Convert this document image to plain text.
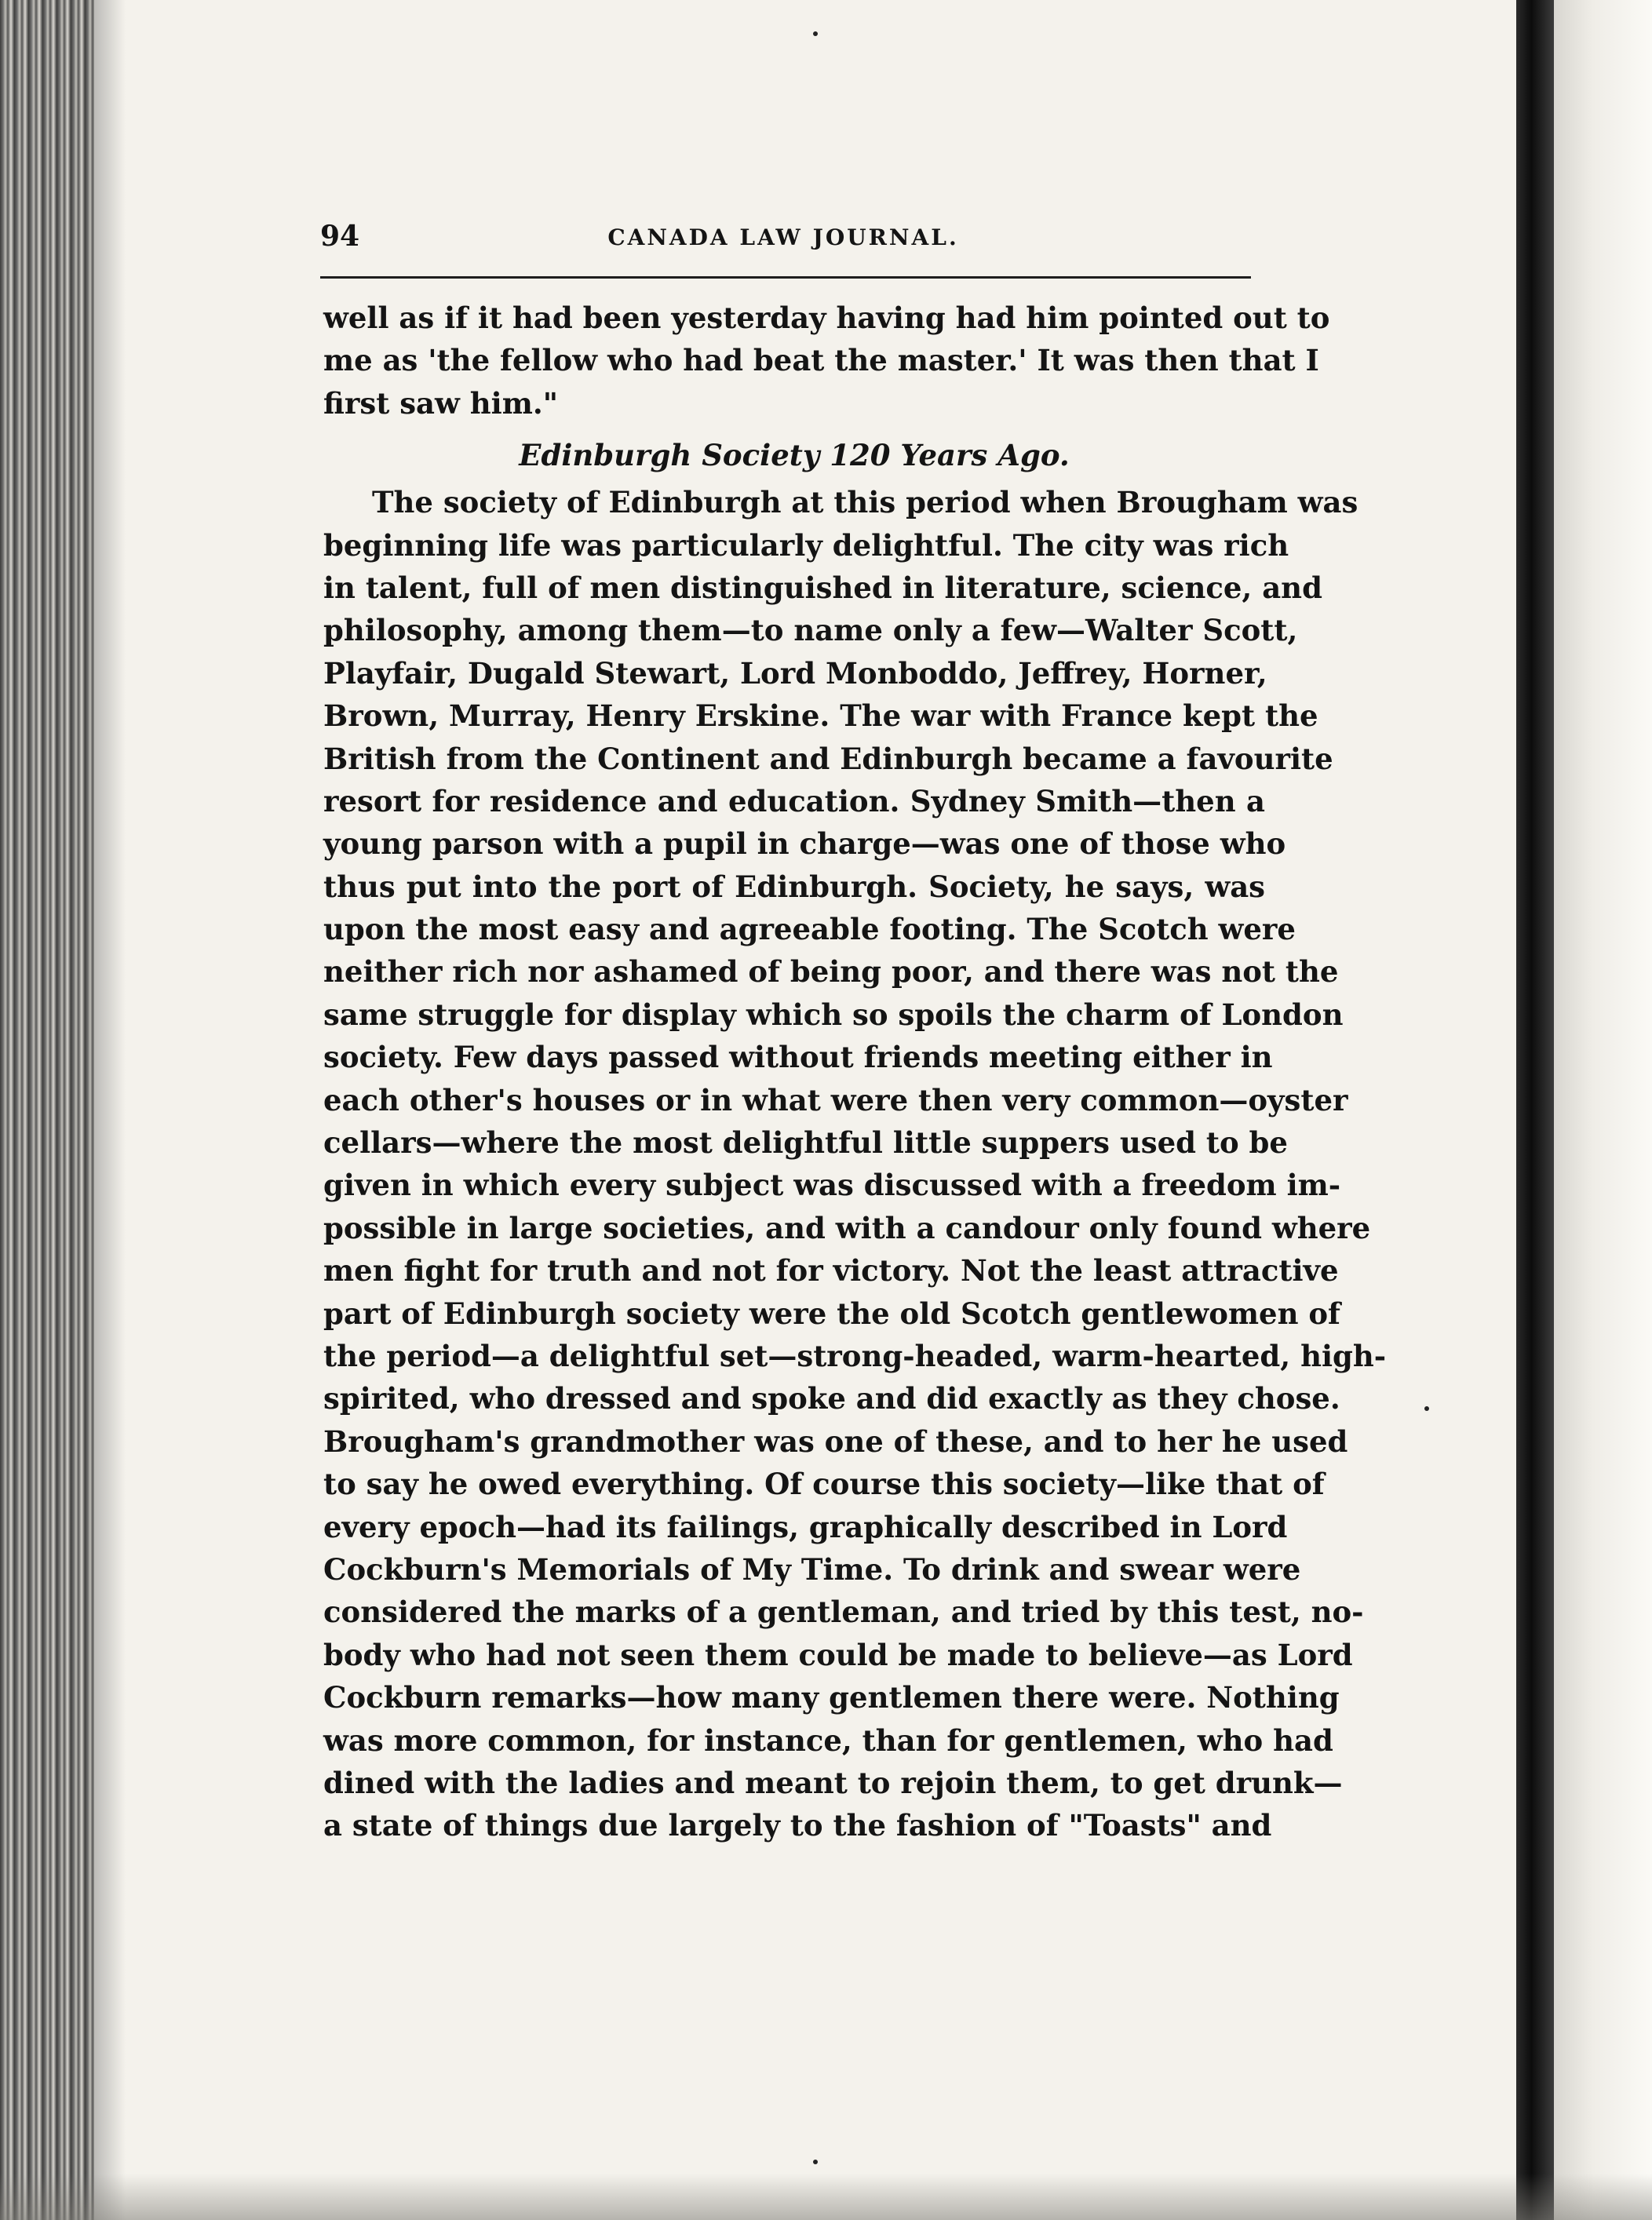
94	CANADA LAW JOURNAL.
well as if it had been yesterday having had him pointed out to
me as 'the fellow who had beat the master.' It was then that I
first saw him."
Edinburgh Society 120 Years Ago.
The society of Edinburgh at this period when Brougham was
beginning life was particularly delightful. The city was rich
in talent, full of men distinguished in literature, science, and
philosophy, among them—to name only a few—Walter Scott,
Playfair, Dugald Stewart, Lord Monboddo, Jeffrey, Horner,
Brown, Murray, Henry Erskine. The war with France kept the
British from the Continent and Edinburgh became a favourite
resort for residence and education. Sydney Smith—then a
young parson with a pupil in charge—was one of those who
thus put into the port of Edinburgh. Society, he says, was
upon the most easy and agreeable footing. The Scotch were
neither rich nor ashamed of being poor, and there was not the
same struggle for display which so spoils the charm of London
society. Few days passed without friends meeting either in
each other's houses or in what were then very common—oyster
cellars—where the most delightful little suppers used to be
given in which every subject was discussed with a freedom im-
possible in large societies, and with a candour only found where
men fight for truth and not for victory. Not the least attractive
part of Edinburgh society were the old Scotch gentlewomen of
the period—a delightful set—strong-headed, warm-hearted, high-
spirited, who dressed and spoke and did exactly as they chose.
Brougham's grandmother was one of these, and to her he used
to say he owed everything. Of course this society—like that of
every epoch—had its failings, graphically described in Lord
Cockburn's Memorials of My Time. To drink and swear were
considered the marks of a gentleman, and tried by this test, no-
body who had not seen them could be made to believe—as Lord
Cockburn remarks—how many gentlemen there were. Nothing
was more common, for instance, than for gentlemen, who had
dined with the ladies and meant to rejoin them, to get drunk—
a state of things due largely to the fashion of "Toasts" and
